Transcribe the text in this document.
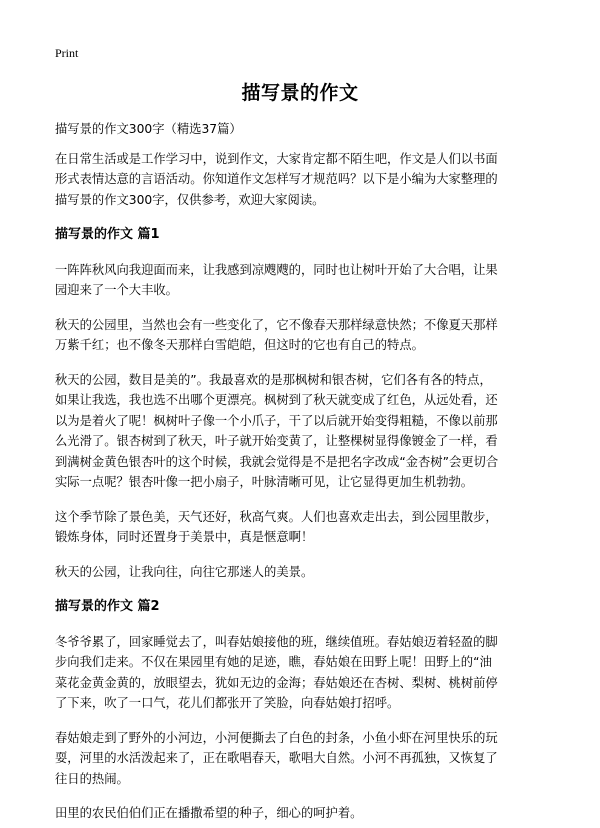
Print
描写景的作文

描写景的作文300字（精选37篇）

在日常生活或是工作学习中，说到作文，大家肯定都不陌生吧，作文是人们以书面
形式表情达意的言语活动。你知道作文怎样写才规范吗？以下是小编为大家整理的
描写景的作文300字，仅供参考，欢迎大家阅读。

描写景的作文 篇1

一阵阵秋风向我迎面而来，让我感到凉飕飕的，同时也让树叶开始了大合唱，让果
园迎来了一个大丰收。

秋天的公园里，当然也会有一些变化了，它不像春天那样绿意快然；不像夏天那样
万紫千红；也不像冬天那样白雪皑皑，但这时的它也有自己的特点。

秋天的公园，数目是美的”。我最喜欢的是那枫树和银杏树，它们各有各的特点，
如果让我选，我也选不出哪个更漂亮。枫树到了秋天就变成了红色，从远处看，还
以为是着火了呢！枫树叶子像一个小爪子，干了以后就开始变得粗糙，不像以前那
么光滑了。银杏树到了秋天，叶子就开始变黄了，让整棵树显得像镀金了一样，看
到满树金黄色银杏叶的这个时候，我就会觉得是不是把名字改成“金杏树”会更切合
实际一点呢？银杏叶像一把小扇子，叶脉清晰可见，让它显得更加生机勃勃。

这个季节除了景色美，天气还好，秋高气爽。人们也喜欢走出去，到公园里散步，
锻炼身体，同时还置身于美景中，真是惬意啊！

秋天的公园，让我向往，向往它那迷人的美景。

描写景的作文 篇2

冬爷爷累了，回家睡觉去了，叫春姑娘接他的班，继续值班。春姑娘迈着轻盈的脚
步向我们走来。不仅在果园里有她的足迹，瞧，春姑娘在田野上呢！田野上的“油
菜花金黄金黄的，放眼望去，犹如无边的金海；春姑娘还在杏树、梨树、桃树前停
了下来，吹了一口气，花儿们都张开了笑脸，向春姑娘打招呼。

春姑娘走到了野外的小河边，小河便撕去了白色的封条，小鱼小虾在河里快乐的玩
耍，河里的水活泼起来了，正在歌唱春天，歌唱大自然。小河不再孤独，又恢复了
往日的热闹。

田里的农民伯伯们正在播撒希望的种子，细心的呵护着。
